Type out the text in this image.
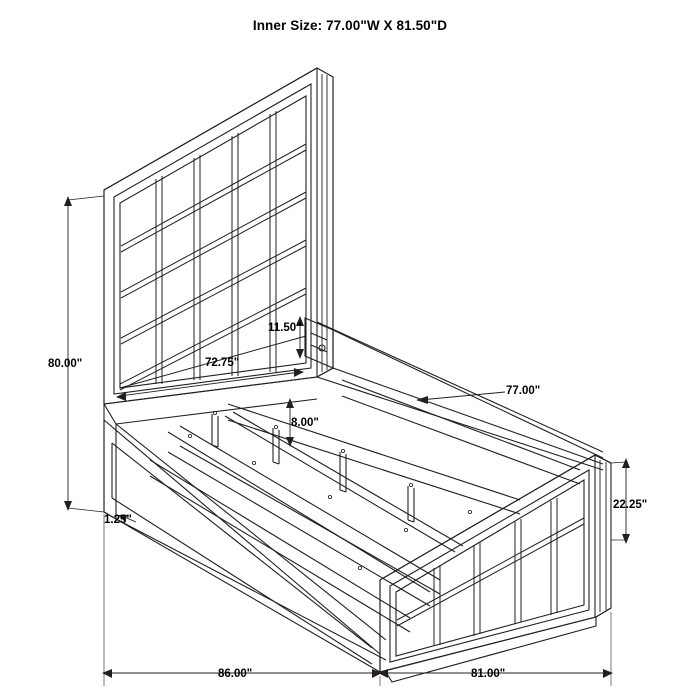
Inner Size: 77.00"W X 81.50"D
80.00"	72.75"
11.50"
8.00"
77.00"
22.25"
1.25"
86.00"	81.00"
